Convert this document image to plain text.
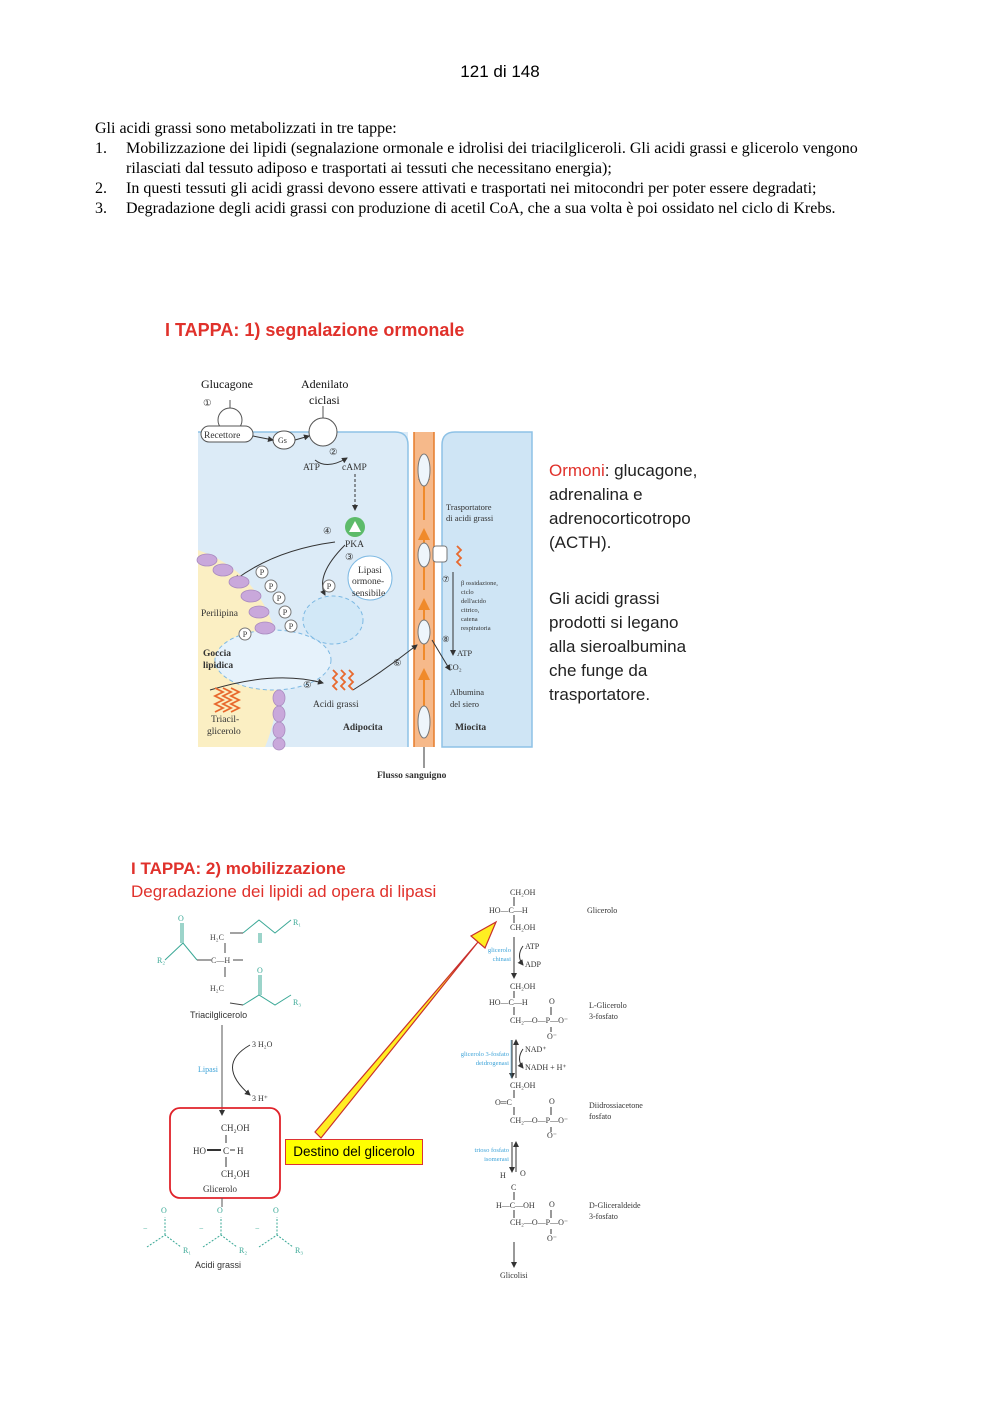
121 di 148
Gli acidi grassi sono metabolizzati in tre tappe:
1. Mobilizzazione dei lipidi (segnalazione ormonale e idrolisi dei triacilgliceroli. Gli acidi grassi e glicerolo vengono rilasciati dal tessuto adiposo e trasportati ai tessuti che necessitano energia);
2. In questi tessuti gli acidi grassi devono essere attivati e trasportati nei mitocondri per poter essere degradati;
3. Degradazione degli acidi grassi con produzione di acetil CoA, che a sua volta è poi ossidato nel ciclo di Krebs.
I TAPPA: 1) segnalazione ormonale
P
P
P
P
P
P
P
Glucagone	Adenilato
ciclasi
①
Recettore	Gs
②
ATP cAMP
④
PKA
③
Lipasi
ormone-
sensibile
Perilipina
Goccia
lipidica
Triacil-
glicerolo
⑤
Acidi grassi
⑥
Adipocita	Miocita
Flusso sanguigno
Trasportatore
di acidi grassi
⑦
⑧
ATP
CO₂
Albumina
del siero
β ossidazione,
ciclo
dell'acido
citrico,
catena
respiratoria
Ormoni: glucagone,
adrenalina e
adrenocorticotropo
(ACTH).
Gli acidi grassi
prodotti si legano
alla sieroalbumina
che funge da
trasportatore.
I TAPPA: 2) mobilizzazione
Degradazione dei lipidi ad opera di lipasi
H₂C
C—H
H₂C
R₂
R₁
R₃
O
O
Triacilglicerolo
3 H₂O
Lipasi
3 H⁺
CH₂OH
HO C H
CH₂OH
Glicerolo
O	O	O
R₁	R₂	R₃
−	−	−
Acidi grassi
Destino del glicerolo
CH₂OH
HO—C—H
CH₂OH
Glicerolo
ATP
ADP
CH₂OH
HO—C—H	O
CH₂—O—P—O⁻
O⁻
L-Glicerolo
3-fosfato
NAD⁺
NADH + H⁺
CH₂OH
O═C	O
CH₂—O—P—O⁻
O⁻
Diidrossiacetone
fosfato
H O
C
H—C—OH O
CH₂—O—P—O⁻
O⁻
D-Gliceraldeide
3-fosfato
Glicolisi
glicerolo
chinasi
glicerolo 3-fosfato
deidrogenasi
trioso fosfato
isomerasi
